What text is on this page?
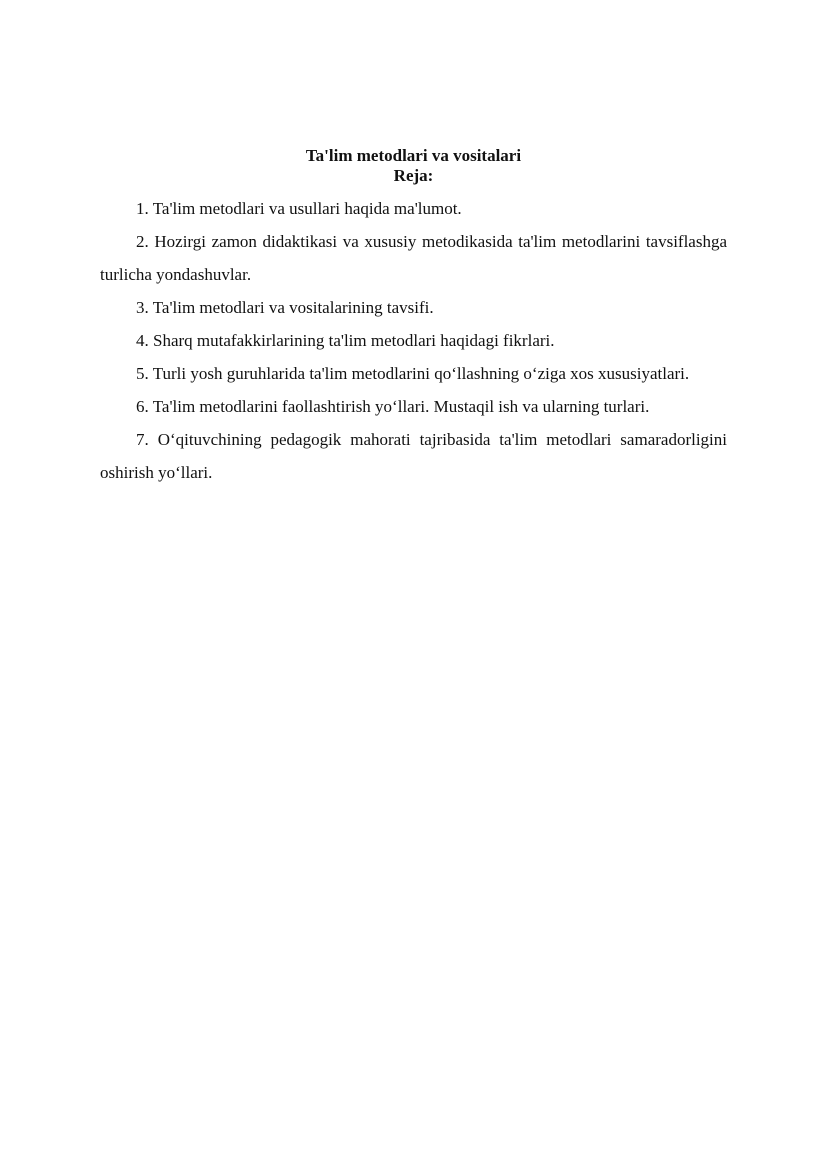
Ta'lim metodlari va vositalari
Reja:
1. Ta'lim metodlari va usullari haqida ma'lumot.
2. Hozirgi zamon didaktikasi va xususiy metodikasida ta'lim metodlarini tavsiflashga turlicha yondashuvlar.
3. Ta'lim metodlari va vositalarining tavsifi.
4. Sharq mutafakkirlarining ta'lim metodlari haqidagi fikrlari.
5. Turli yosh guruhlarida ta'lim metodlarini qo‘llashning o‘ziga xos xususiyatlari.
6. Ta'lim metodlarini faollashtirish yo‘llari. Mustaqil ish va ularning turlari.
7. O‘qituvchining pedagogik mahorati tajribasida ta'lim metodlari samaradorligini oshirish yo‘llari.
